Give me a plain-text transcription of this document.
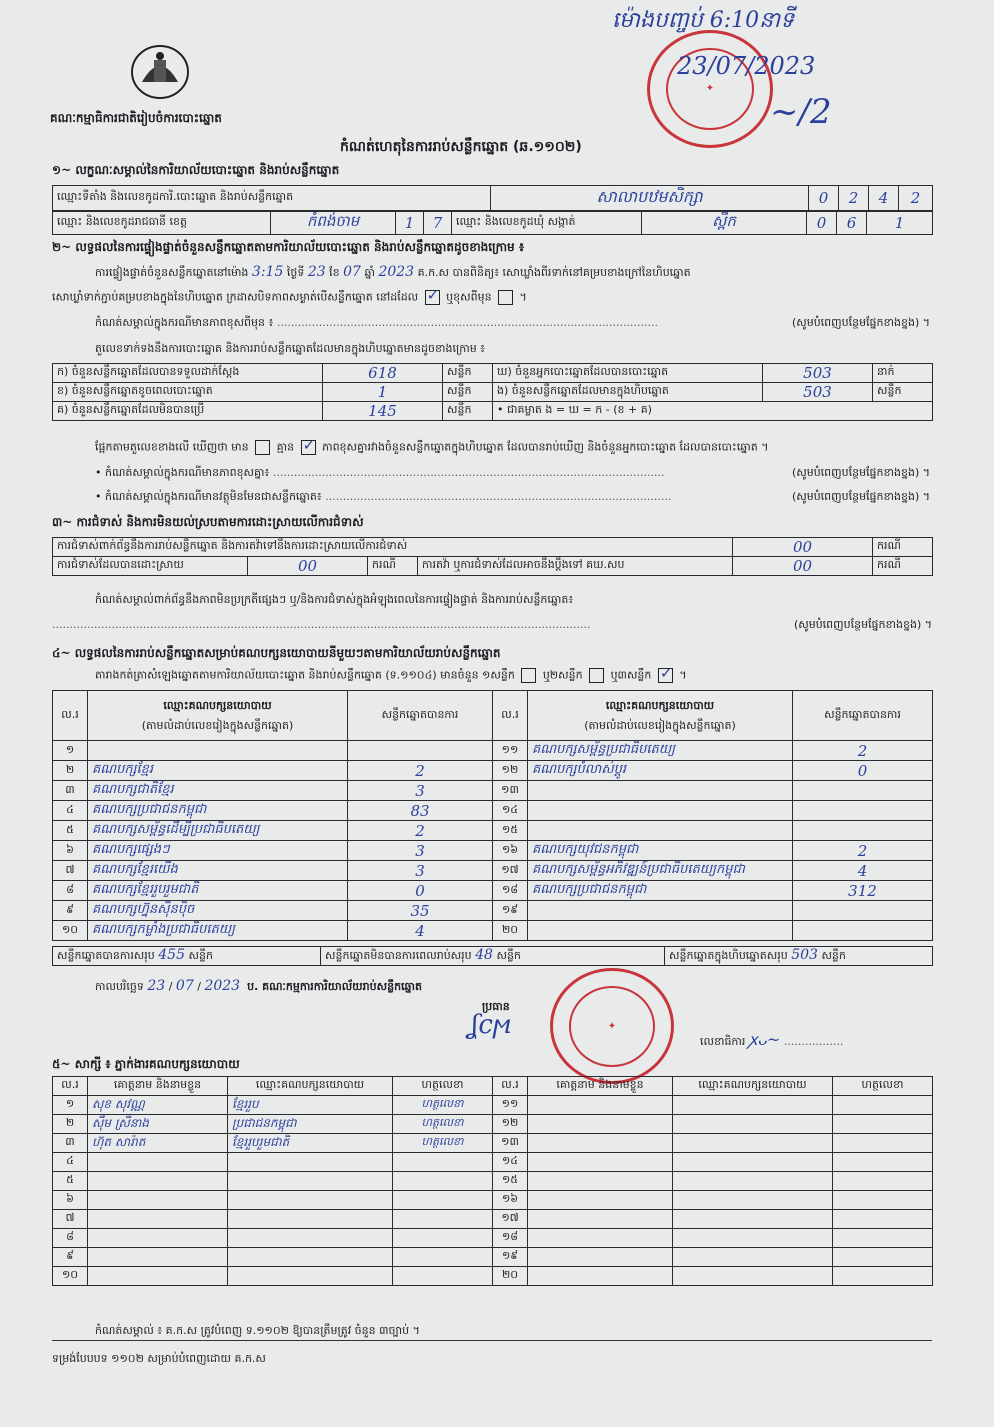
ម៉ោងបញ្ចប់ 6:10នាទី
✦
23/07/2023
~/2
គណៈកម្មាធិការជាតិរៀបចំការបោះឆ្នោត
កំណត់ហេតុនៃការរាប់សន្លឹកឆ្នោត (ឆ.១១០២)
១~ លក្ខណៈសម្គាល់នៃការិយាល័យបោះឆ្នោត និងរាប់សន្លឹកឆ្នោត
ឈ្មោះទីតាំង និងលេខកូដការិ.បោះឆ្នោត និងរាប់សន្លឹកឆ្នោត	សាលាបឋមសិក្សា	0	2	4	2
ឈ្មោះ និងលេខកូដរាជធានី ខេត្ត	កំពង់ចាម	1	7	ឈ្មោះ និងលេខកូដឃុំ សង្កាត់	ស្ពឺក	0	6	1
២~ លទ្ធផលនៃការផ្ទៀងផ្ទាត់ចំនួនសន្លឹកឆ្នោតតាមការិយាល័យបោះឆ្នោត និងរាប់សន្លឹកឆ្នោតដូចខាងក្រោម ៖
ការផ្ទៀងផ្ទាត់ចំនួនសន្លឹកឆ្នោតនៅម៉ោង 3:15 ថ្ងៃទី 23 ខែ 07 ឆ្នាំ 2023 គ.ក.ស បានពិនិត្យ៖ សោឃ្លាំងពីរទាក់នៅគម្របខាងក្រៅនៃហិបឆ្នោត
សោឃ្លាំទាក់ភ្ជាប់គម្របខាងក្នុងនៃហិបឆ្នោត ក្រដាសបិទភាពសម្ងាត់បើសន្លឹកឆ្នោត នៅដដែល ✓	ឬខុសពីមុន  ។
កំណត់សម្គាល់ក្នុងករណីមានភាពខុសពីមុន ៖ .............................................................................................................	(សូមបំពេញបន្ថែមផ្នែកខាងខ្នង) ។
តួលេខទាក់ទងនឹងការបោះឆ្នោត និងការរាប់សន្លឹកឆ្នោតដែលមានក្នុងហិបឆ្នោតមានដូចខាងក្រោម ៖
ក) ចំនួនសន្លឹកឆ្នោតដែលបានទទួលដាក់ស្តែង	618	សន្លឹក	ឃ) ចំនួនអ្នកបោះឆ្នោតដែលបានបោះឆ្នោត	503	នាក់
ខ) ចំនួនសន្លឹកឆ្នោតខូចពេលបោះឆ្នោត	1	សន្លឹក	ង) ចំនួនសន្លឹកឆ្នោតដែលមានក្នុងហិបឆ្នោត	503	សន្លឹក
គ) ចំនួនសន្លឹកឆ្នោតដែលមិនបានប្រើ	145	សន្លឹក	• ជាគម្លាត ង = ឃ = ក - (ខ + គ)		
ផ្អែកតាមតួលេខខាងលើ ឃើញថា មាន	គ្មាន ✓	ភាពខុសគ្នារវាងចំនួនសន្លឹកឆ្នោតក្នុងហិបឆ្នោត ដែលបានរាប់ឃើញ និងចំនួនអ្នកបោះឆ្នោត ដែលបានបោះឆ្នោត ។
• កំណត់សម្គាល់ក្នុងករណីមានភាពខុសគ្នា៖ ................................................................................................................	(សូមបំពេញបន្ថែមផ្នែកខាងខ្នង) ។
• កំណត់សម្គាល់ក្នុងករណីមានវត្ថុមិនមែនជាសន្លឹកឆ្នោត៖ ...................................................................................................	(សូមបំពេញបន្ថែមផ្នែកខាងខ្នង) ។
៣~ ការជំទាស់ និងការមិនយល់ស្របតាមការដោះស្រាយលើការជំទាស់
ការជំទាស់ពាក់ព័ន្ធនឹងការរាប់សន្លឹកឆ្នោត និងការតវ៉ាទៅនឹងការដោះស្រាយលើការជំទាស់				00	ករណី
ការជំទាស់ដែលបានដោះស្រាយ	00	ករណី	ការតវ៉ា ឬការជំទាស់ដែលអាចនឹងប្តឹងទៅ គឃ.សប	00	ករណី
កំណត់សម្គាល់ពាក់ព័ន្ធនឹងភាពមិនប្រក្រតីផ្សេងៗ ឬ/និងការជំទាស់ក្នុងអំឡុងពេលនៃការផ្ទៀងផ្ទាត់ និងការរាប់សន្លឹកឆ្នោត៖
..........................................................................................................................................................	(សូមបំពេញបន្ថែមផ្នែកខាងខ្នង) ។
៤~ លទ្ធផលនៃការរាប់សន្លឹកឆ្នោតសម្រាប់គណបក្សនយោបាយនីមួយៗតាមការិយាល័យរាប់សន្លឹកឆ្នោត
តារាងកត់ត្រាសំឡេងឆ្នោតតាមការិយាល័យបោះឆ្នោត និងរាប់សន្លឹកឆ្នោត (ទ.១១០៤) មានចំនួន ១សន្លឹក	ឬ២សន្លឹក	ឬ៣សន្លឹក ✓ ។
ល.រ	ឈ្មោះគណបក្សនយោបាយ
(តាមលំដាប់លេខរៀងក្នុងសន្លឹកឆ្នោត)	សន្លឹកឆ្នោតបានការ	ល.រ	ឈ្មោះគណបក្សនយោបាយ
(តាមលំដាប់លេខរៀងក្នុងសន្លឹកឆ្នោត)	សន្លឹកឆ្នោតបានការ
១			១១	គណបក្សសម្ព័ន្ធប្រជាធិបតេយ្យ	2
២	គណបក្សខ្មែរ	2	១២	គណបក្សបំលាស់ប្តូរ	0
៣	គណបក្សជាតិខ្មែរ	3	១៣		
៤	គណបក្សប្រជាជនកម្ពុជា	83	១៤		
៥	គណបក្សសម្ព័ន្ធដើម្បីប្រជាធិបតេយ្យ	2	១៥		
៦	គណបក្សផ្សេងៗ	3	១៦	គណបក្សយុវជនកម្ពុជា	2
៧	គណបក្សខ្មែរយើង	3	១៧	គណបក្សសម្ព័ន្ធអភិវឌ្ឍន៍ប្រជាធិបតេយ្យកម្ពុជា	4
៨	គណបក្សខ្មែររួបរួមជាតិ	0	១៨	គណបក្សប្រជាជនកម្ពុជា	312
៩	គណបក្សហ្វ៊ុនស៊ិនប៉ិច	35	១៩		
១០	គណបក្សកម្លាំងប្រជាធិបតេយ្យ	4	២០		
សន្លឹកឆ្នោតបានការសរុប 455 សន្លឹក	សន្លឹកឆ្នោតមិនបានការពេលរាប់សរុប 48 សន្លឹក	សន្លឹកឆ្នោតក្នុងហិបឆ្នោតសរុប 503 សន្លឹក
កាលបរិច្ឆេទ 23 / 07 / 2023 ប. គណៈកម្មការការិយាល័យរាប់សន្លឹកឆ្នោត
ប្រធាន
ʆϲϻ	✦
លេខាធិការ ꭗᴗ~ .................
៥~ សាក្សី ៖ ភ្នាក់ងារគណបក្សនយោបាយ
ល.រ	គោត្តនាម និងនាមខ្លួន	ឈ្មោះគណបក្សនយោបាយ	ហត្ថលេខា	ល.រ	គោត្តនាម និងនាមខ្លួន	ឈ្មោះគណបក្សនយោបាយ	ហត្ថលេខា
១	សុខ សុវណ្ណ	ខ្មែររួប	ហត្ថលេខា	១១			
២	ស៊ឹម ស្រីនាង	ប្រជាជនកម្ពុជា	ហត្ថលេខា	១២			
៣	ហ៊ុត សារ៉ាត	ខ្មែររួបរួមជាតិ	ហត្ថលេខា	១៣			
៤				១៤			
៥				១៥			
៦				១៦			
៧				១៧			
៨				១៨			
៩				១៩			
១០				២០			
កំណត់សម្គាល់ ៖ គ.ក.ស ត្រូវបំពេញ ទ.១១០២ ឱ្យបានត្រឹមត្រូវ ចំនួន ៣ច្បាប់ ។
ទម្រង់បែបបទ ១១០២ សម្រាប់បំពេញដោយ គ.ក.ស
